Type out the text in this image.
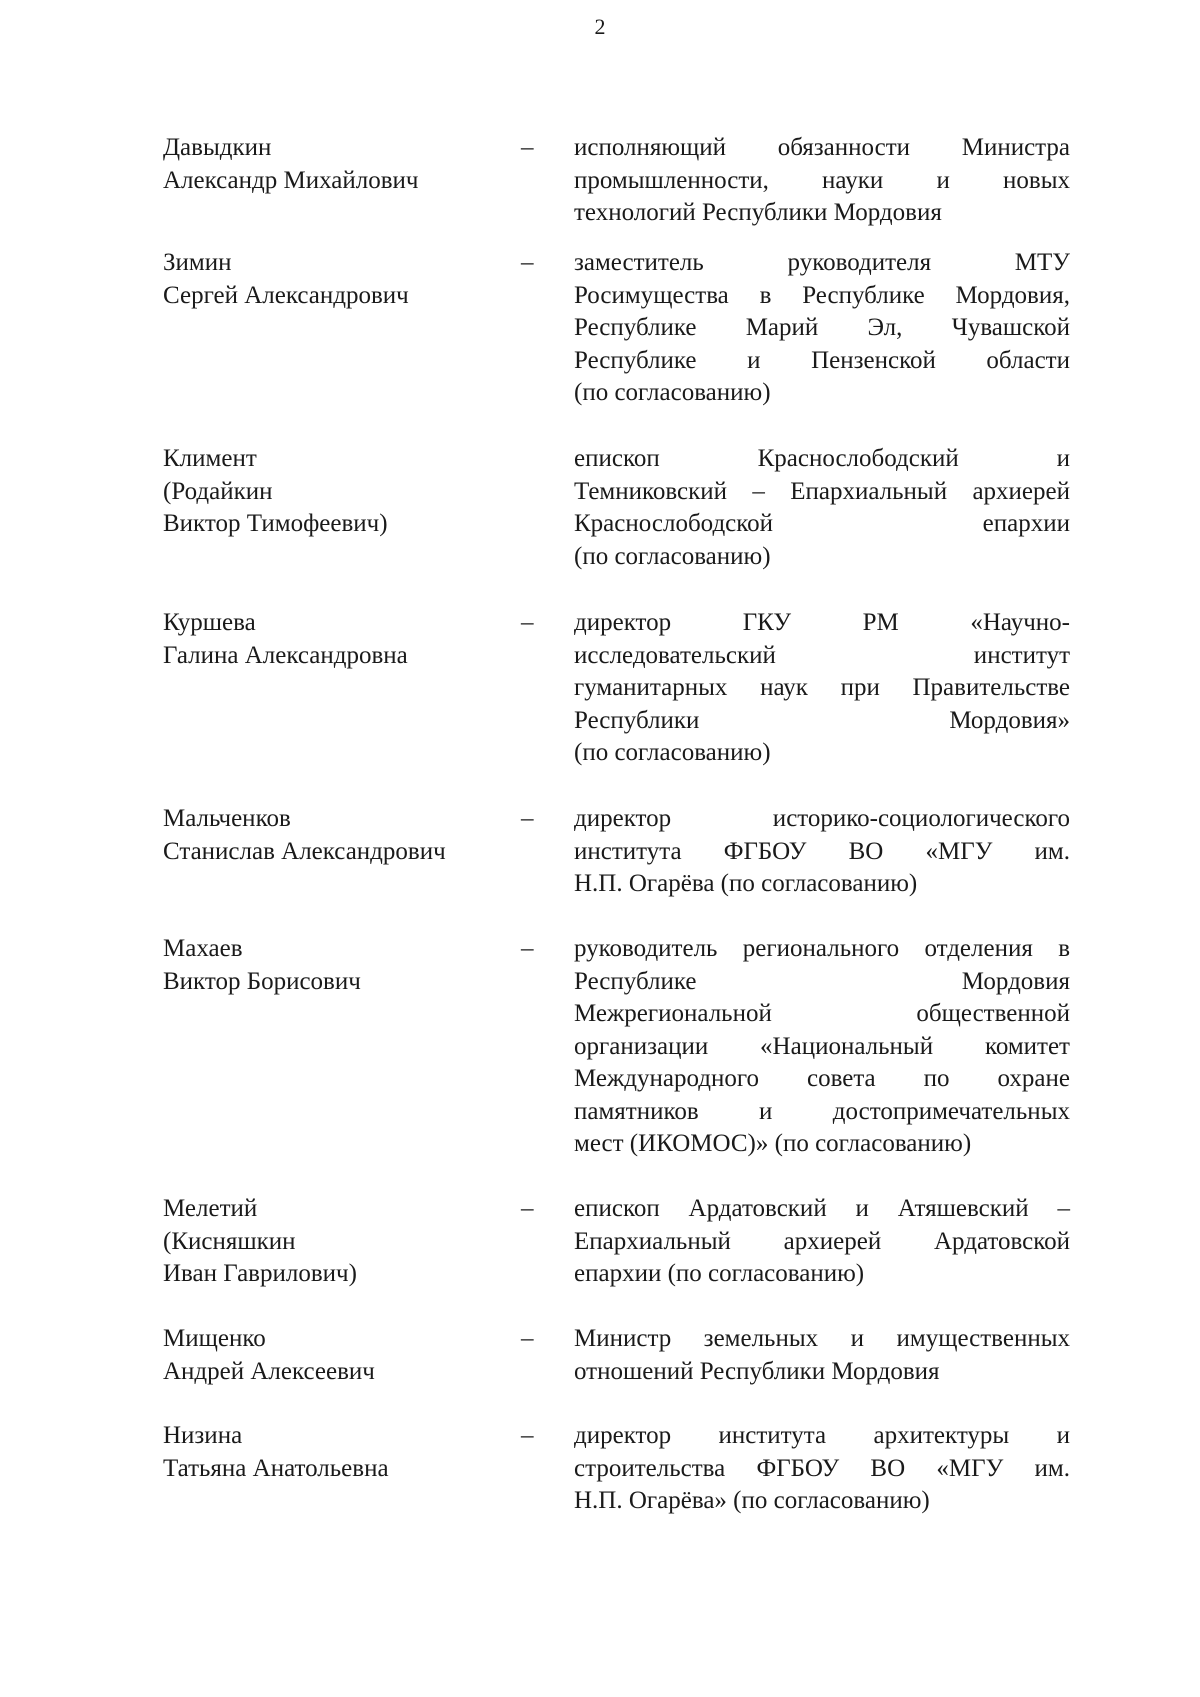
2
Давыдкин
Александр Михайлович
– исполняющий обязанности Министра
промышленности, науки и новых
технологий Республики Мордовия
Зимин
Сергей Александрович
– заместитель руководителя МТУ
Росимущества в Республике Мордовия,
Республике Марий Эл, Чувашской
Республике и Пензенской области
(по согласованию)
Климент
(Родайкин
Виктор Тимофеевич)
епископ Краснослободский и
Темниковский – Епархиальный архиерей
Краснослободской епархии
(по согласованию)
Куршева
Галина Александровна
– директор ГКУ РМ «Научно-
исследовательский институт
гуманитарных наук при Правительстве
Республики Мордовия»
(по согласованию)
Мальченков
Станислав Александрович
– директор историко-социологического
института ФГБОУ ВО «МГУ им.
Н.П. Огарёва (по согласованию)
Махаев
Виктор Борисович
– руководитель регионального отделения в
Республике Мордовия
Межрегиональной общественной
организации «Национальный комитет
Международного совета по охране
памятников и достопримечательных
мест (ИКОМОС)» (по согласованию)
Мелетий
(Кисняшкин
Иван Гаврилович)
– епископ Ардатовский и Атяшевский –
Епархиальный архиерей Ардатовской
епархии (по согласованию)
Мищенко
Андрей Алексеевич
– Министр земельных и имущественных
отношений Республики Мордовия
Низина
Татьяна Анатольевна
– директор института архитектуры и
строительства ФГБОУ ВО «МГУ им.
Н.П. Огарёва» (по согласованию)
